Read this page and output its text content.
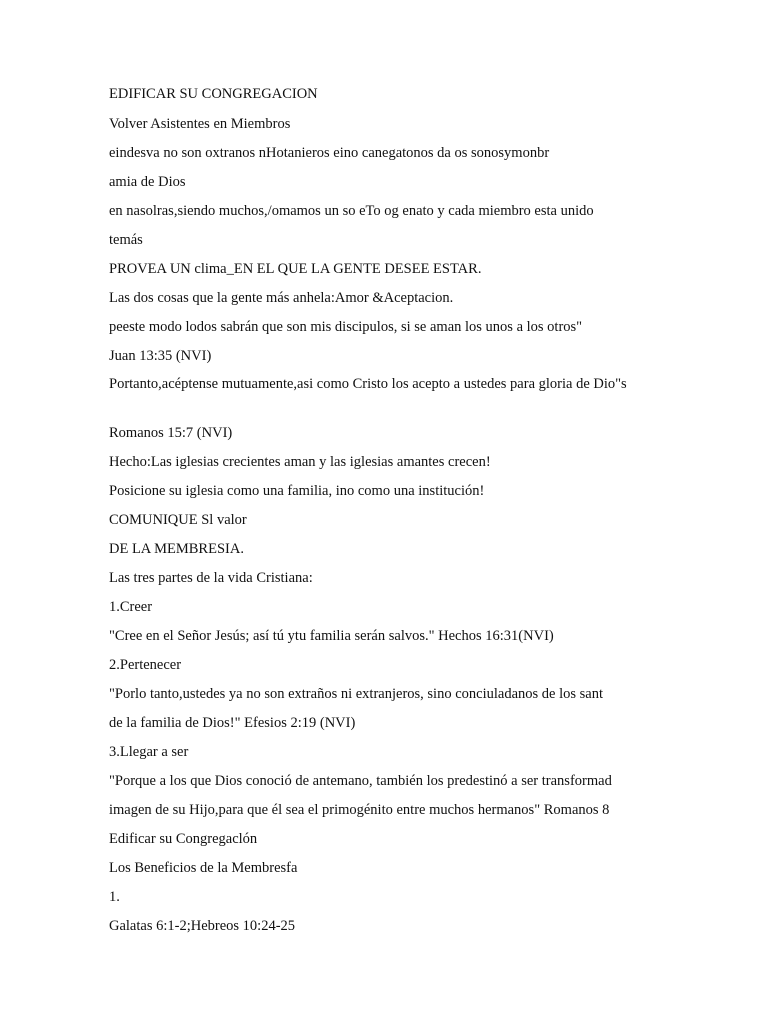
EDIFICAR SU CONGREGACION

Volver Asistentes en Miembros

eindesva no son oxtranos nHotanieros eino canegatonos da os sonosymonbr

amia de Dios

en nasolras,siendo muchos,/omamos un so eTo og enato y cada miembro esta unido

temás

PROVEA UN clima_EN EL QUE LA GENTE DESEE ESTAR.

Las dos cosas que la gente más anhela:Amor &Aceptacion.

peeste modo lodos sabrán que son mis discipulos, si se aman los unos a los otros"

Juan 13:35 (NVI)

Portanto,acéptense mutuamente,asi como Cristo los acepto a ustedes para gloria de Dio"s

Romanos 15:7 (NVI)

Hecho:Las iglesias crecientes aman y las iglesias amantes crecen!

Posicione su iglesia como una familia, ino como una institución!

COMUNIQUE Sl valor

DE LA MEMBRESIA.

Las tres partes de la vida Cristiana:

1.Creer

"Cree en el Señor Jesús; así tú ytu familia serán salvos." Hechos 16:31(NVI)

2.Pertenecer

"Porlo tanto,ustedes ya no son extraños ni extranjeros, sino conciuladanos de los sant

de la familia de Dios!" Efesios 2:19 (NVI)

3.Llegar a ser

"Porque a los que Dios conoció de antemano, también los predestinó a ser transformad

imagen de su Hijo,para que él sea el primogénito entre muchos hermanos" Romanos 8

Edificar su Congregaclón

Los Beneficios de la Membresfa

1.

Galatas 6:1-2;Hebreos 10:24-25
